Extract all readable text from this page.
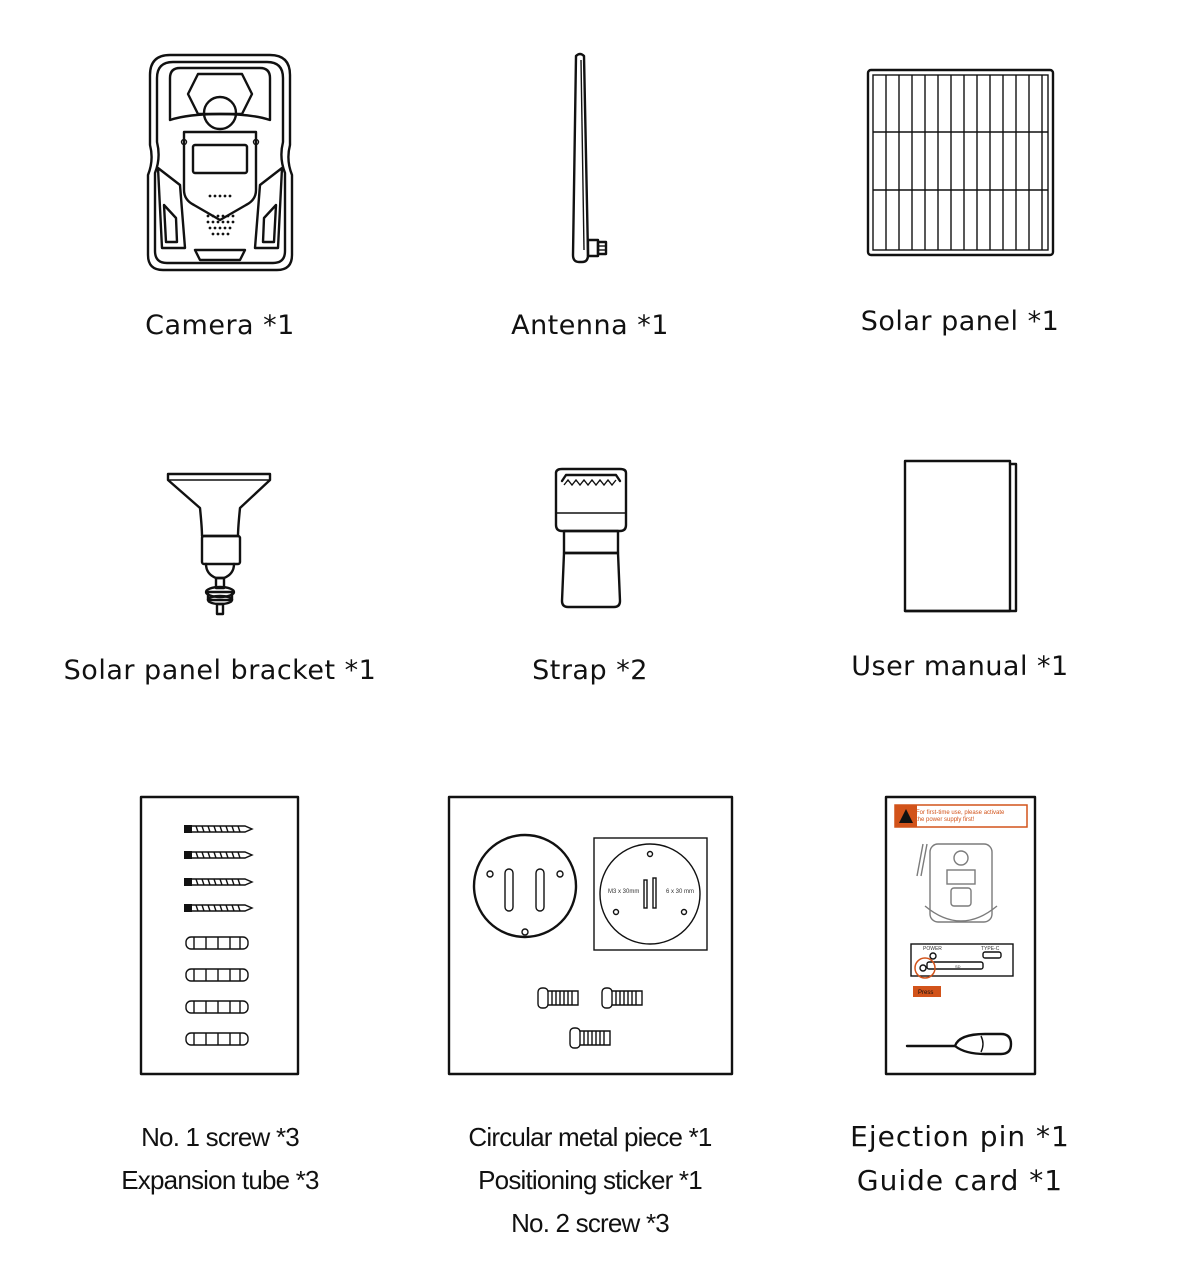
Camera *1	Antenna *1	Solar panel *1
Solar panel bracket *1	Strap *2	User manual *1
No. 1 screw *3
Expansion tube *3
M3 x 30mm	6 x 30 mm
Circular metal piece *1
Positioning sticker *1
No. 2 screw *3
For first-time use, please activate
the power supply first!
POWER	TYPE-C
SD
Press
Ejection pin *1
Guide card *1
